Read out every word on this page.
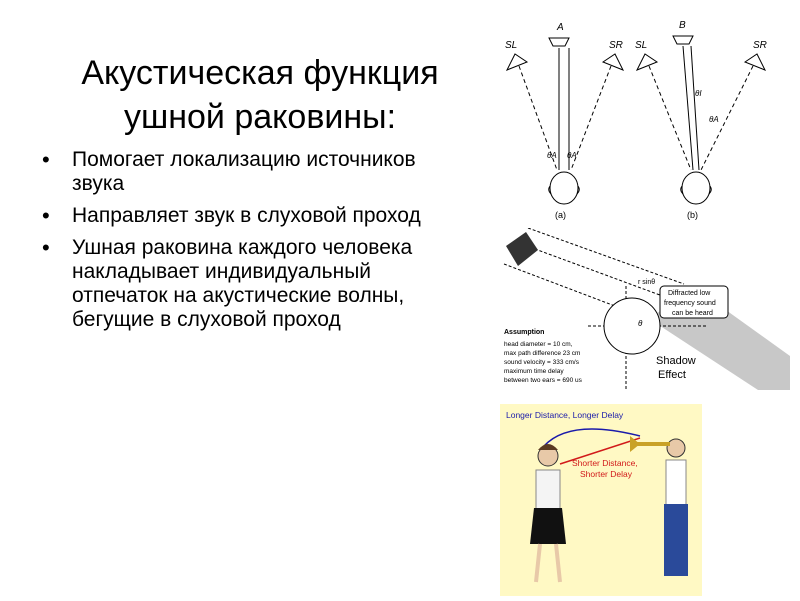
Акустическая функция ушной раковины:
• Помогает локализацию источников звука
• Направляет звук в слуховой проход
• Ушная раковина каждого человека накладывает индивидуальный отпечаток на акустические волны, бегущие в слуховой проход
SL
A
SR
θA θA
(a)
SL
B
SR
θI
θA
(b)
r sinθ
θ
Diffracted low
frequency sound
can be heard
Assumption
head diameter = 10 cm,
max path difference 23 cm
sound velocity = 333 cm/s
maximum time delay
between two ears = 690 us
Shadow
Effect
Longer Distance, Longer Delay
Shorter Distance,
Shorter Delay
